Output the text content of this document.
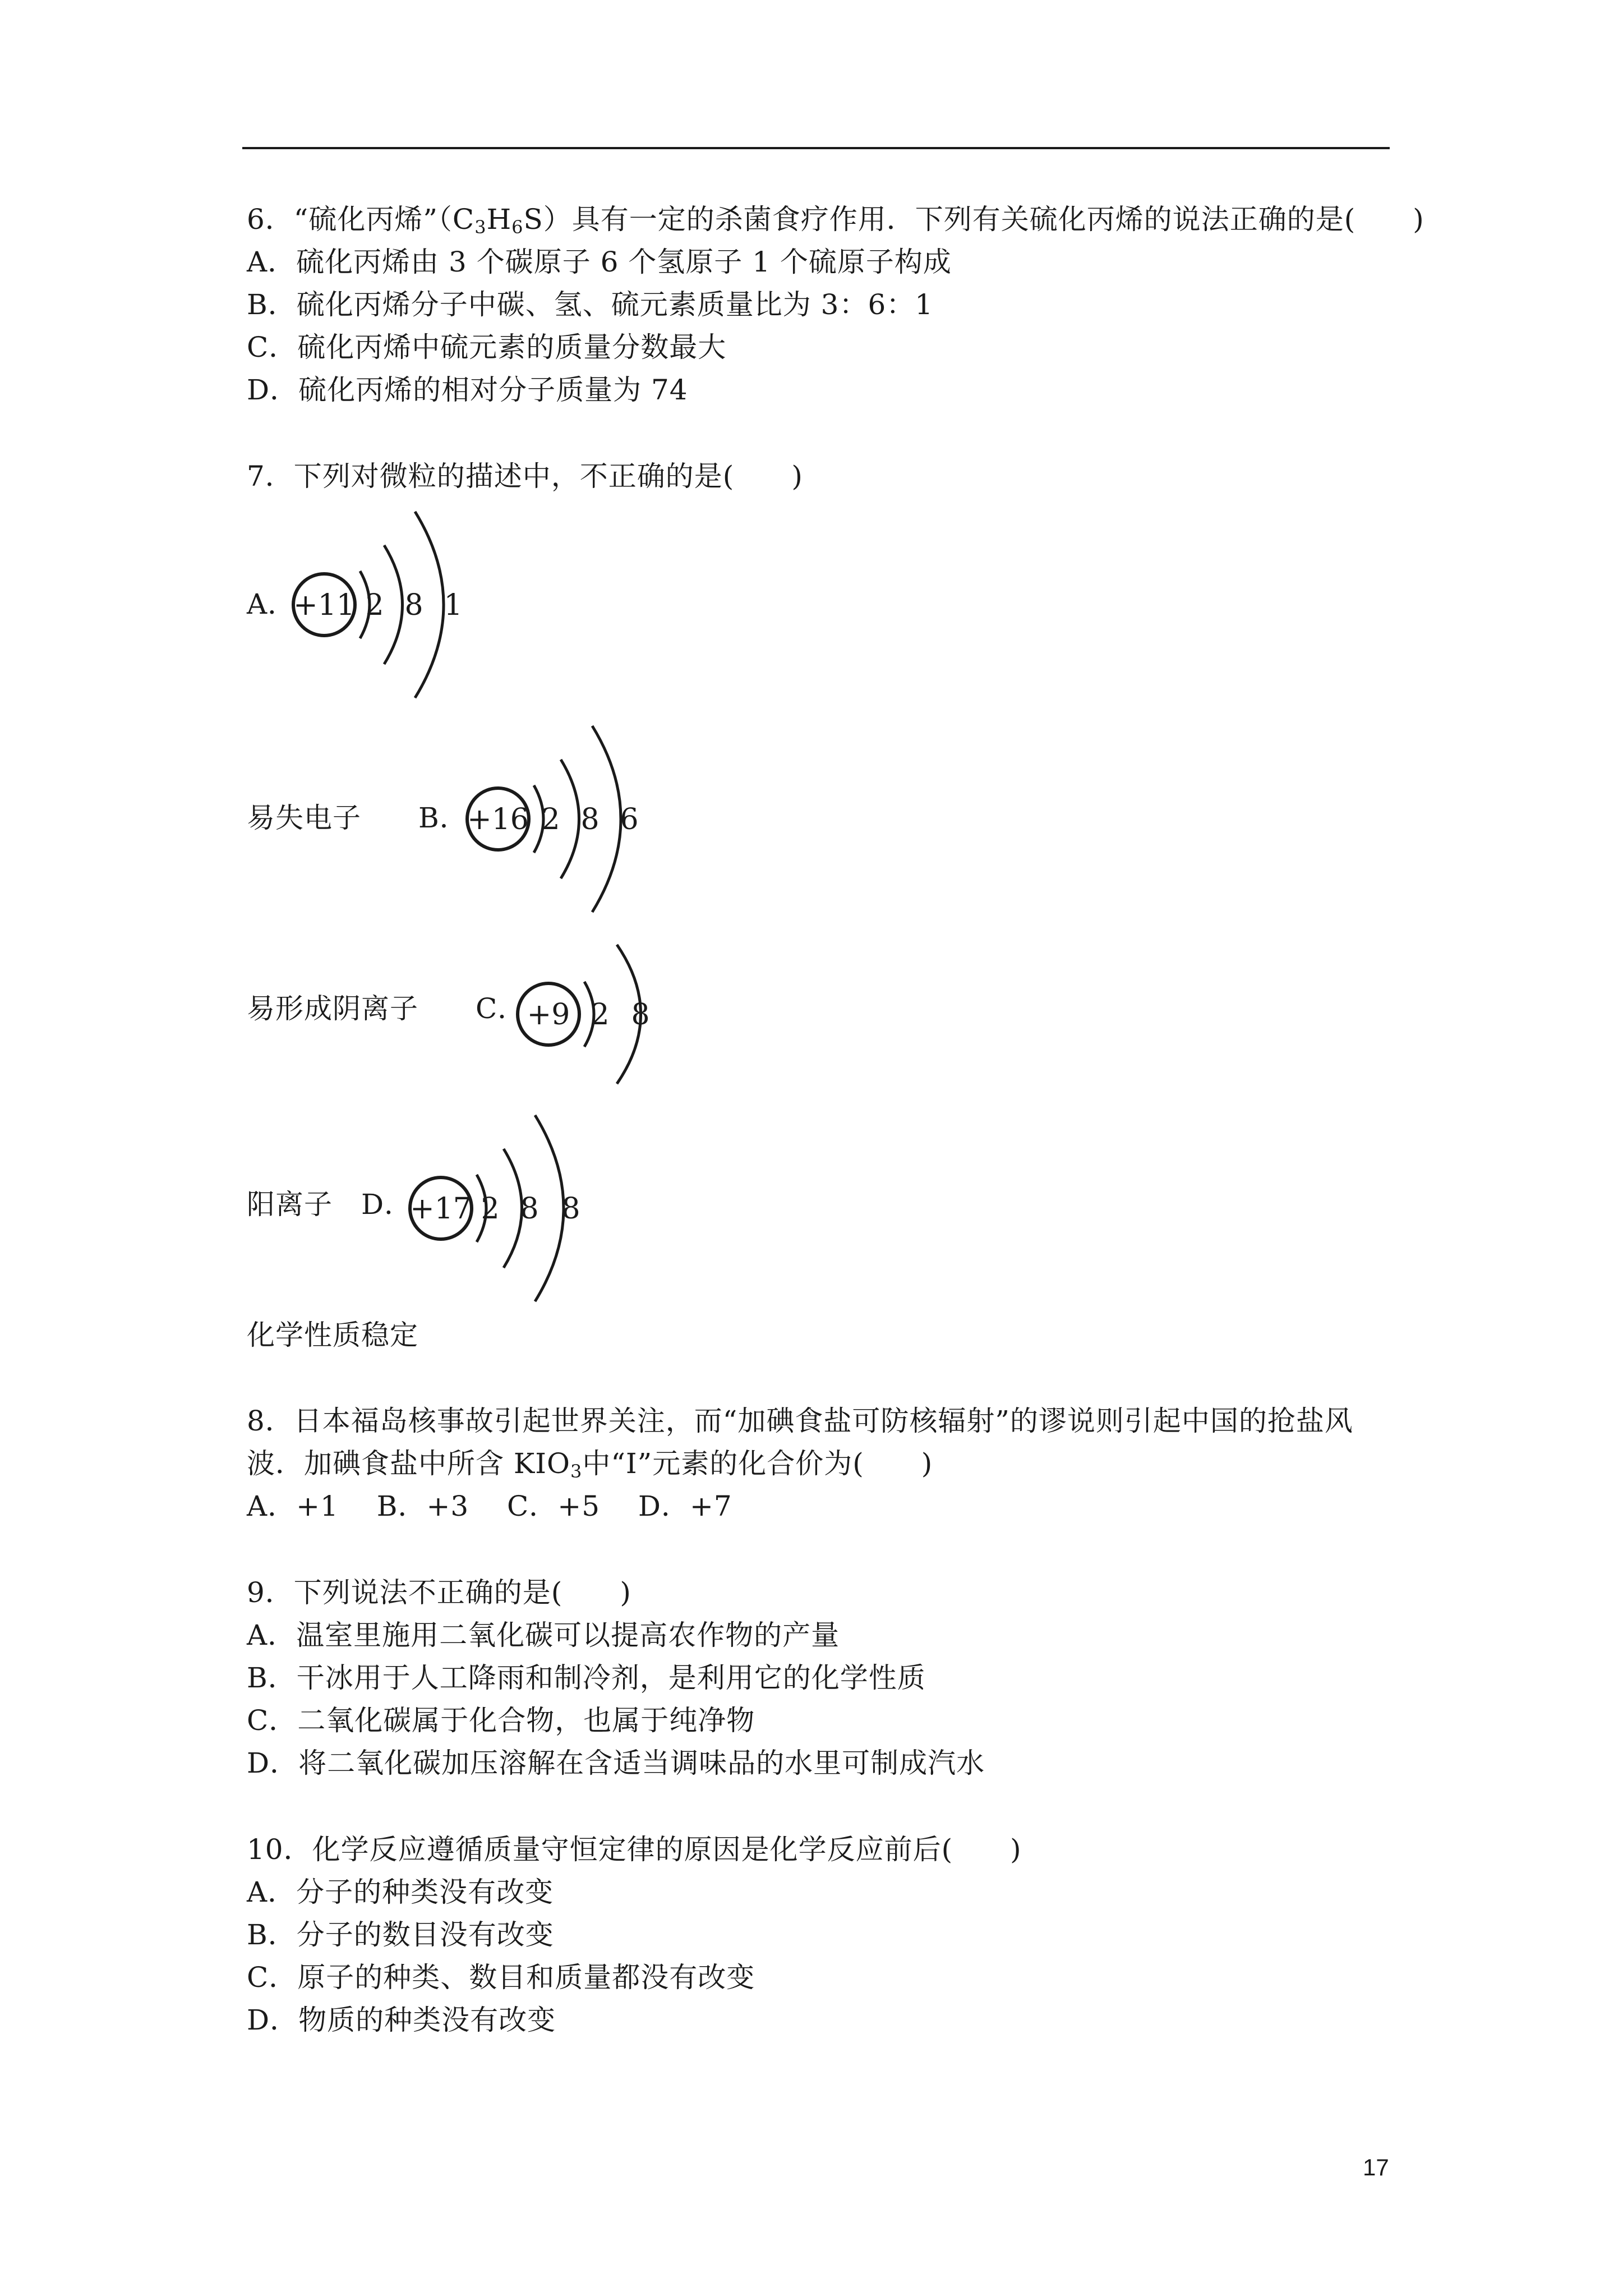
6．“硫化丙烯$”(C_3H_6S)$具有一定的杀菌食疗作用．下列有关硫化丙烯的说法正确的是(　　)
A．硫化丙烯由 3 个碳原子 6 个氢原子 1 个硫原子构成
B．硫化丙烯分子中碳、氢、硫元素质量比为 3：6：1
C．硫化丙烯中硫元素的质量分数最大
D．硫化丙烯的相对分子质量为 74
7．下列对微粒的描述中，不正确的是(　　)
A．
+11 2 8 1
易失电子　　B．
+16 2 8 6
易形成阴离子　　C． +9 2 8
阳离子　D．
+17 2 8 8
化学性质稳定
8．日本福岛核事故引起世界关注，而“加碘食盐可防核辐射”的谬说则引起中国的抢盐风
波．加碘食盐中所含 $KIO_3$中“I”元素的化合价为(　　)
A．+1　 B．+3　 C．+5　 D．+7
9．下列说法不正确的是(　　)
A．温室里施用二氧化碳可以提高农作物的产量
B．干冰用于人工降雨和制冷剂，是利用它的化学性质
C．二氧化碳属于化合物，也属于纯净物
D．将二氧化碳加压溶解在含适当调味品的水里可制成汽水
10．化学反应遵循质量守恒定律的原因是化学反应前后(　　)
A．分子的种类没有改变
B．分子的数目没有改变
C．原子的种类、数目和质量都没有改变
D．物质的种类没有改变
17
